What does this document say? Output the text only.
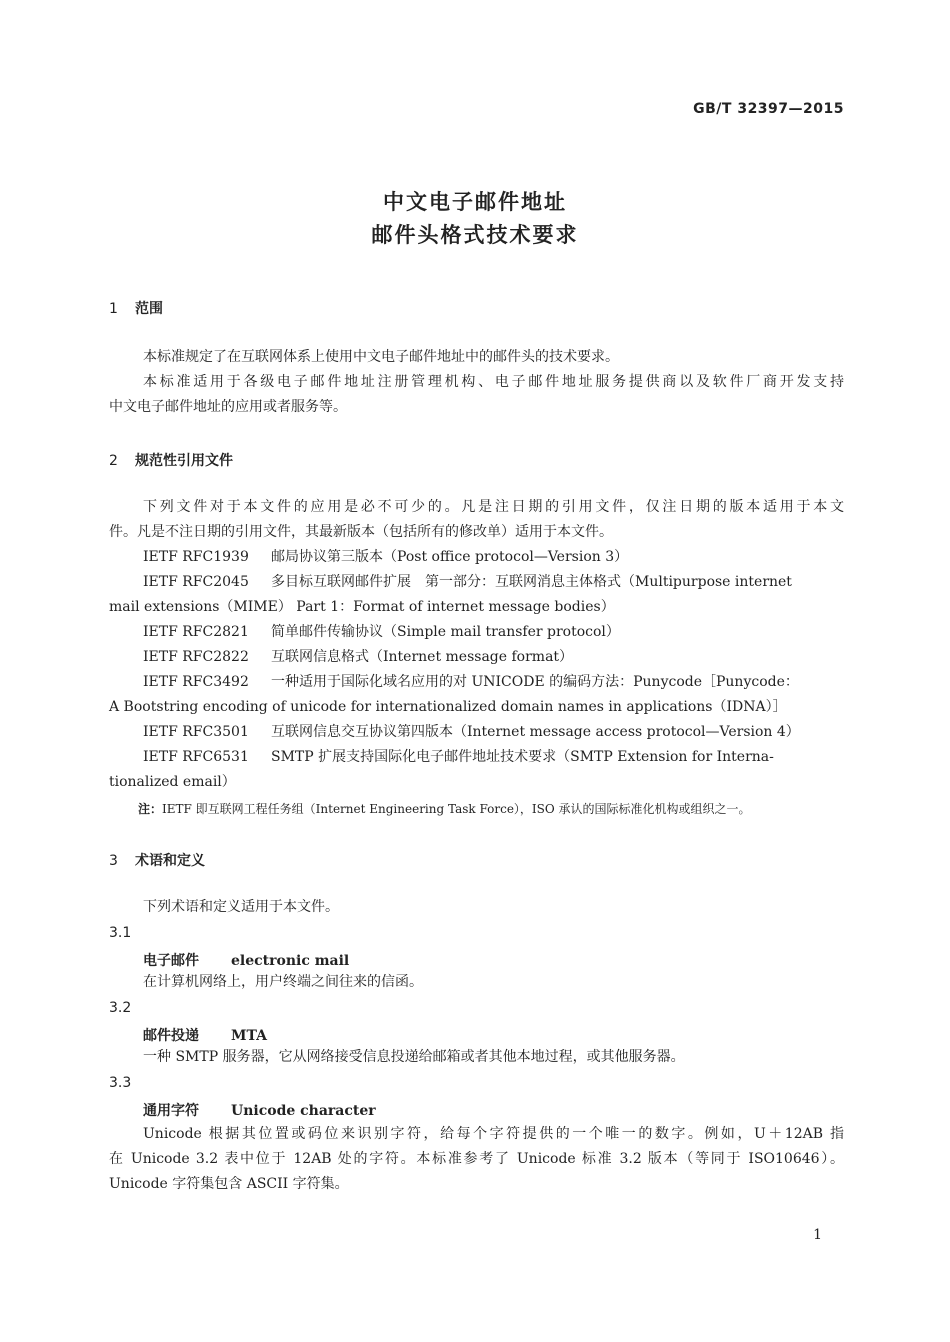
GB/T 32397—2015
中文电子邮件地址
邮件头格式技术要求
1 范围
本标准规定了在互联网体系上使用中文电子邮件地址中的邮件头的技术要求。
本标准适用于各级电子邮件地址注册管理机构、电子邮件地址服务提供商以及软件厂商开发支持
中文电子邮件地址的应用或者服务等。
2 规范性引用文件
下列文件对于本文件的应用是必不可少的。凡是注日期的引用文件，仅注日期的版本适用于本文
件。凡是不注日期的引用文件，其最新版本（包括所有的修改单）适用于本文件。
IETF RFC1939 邮局协议第三版本（Post office protocol—Version 3）
IETF RFC2045 多目标互联网邮件扩展　第一部分：互联网消息主体格式（Multipurpose internet
mail extensions（MIME） Part 1：Format of internet message bodies）
IETF RFC2821 简单邮件传输协议（Simple mail transfer protocol）
IETF RFC2822 互联网信息格式（Internet message format）
IETF RFC3492 一种适用于国际化域名应用的对 UNICODE 的编码方法：Punycode［Punycode：
A Bootstring encoding of unicode for internationalized domain names in applications（IDNA）］
IETF RFC3501 互联网信息交互协议第四版本（Internet message access protocol—Version 4）
IETF RFC6531 SMTP 扩展支持国际化电子邮件地址技术要求（SMTP Extension for Interna-
tionalized email）
注：IETF 即互联网工程任务组（Internet Engineering Task Force），ISO 承认的国际标准化机构或组织之一。
3 术语和定义
下列术语和定义适用于本文件。
3.1
电子邮件 electronic mail
在计算机网络上，用户终端之间往来的信函。
3.2
邮件投递 MTA
一种 SMTP 服务器，它从网络接受信息投递给邮箱或者其他本地过程，或其他服务器。
3.3
通用字符 Unicode character
Unicode 根据其位置或码位来识别字符，给每个字符提供的一个唯一的数字。例如，U＋12AB 指
在 Unicode 3.2 表中位于 12AB 处的字符。本标准参考了 Unicode 标准 3.2 版本（等同于 ISO10646）。
Unicode 字符集包含 ASCII 字符集。
1
